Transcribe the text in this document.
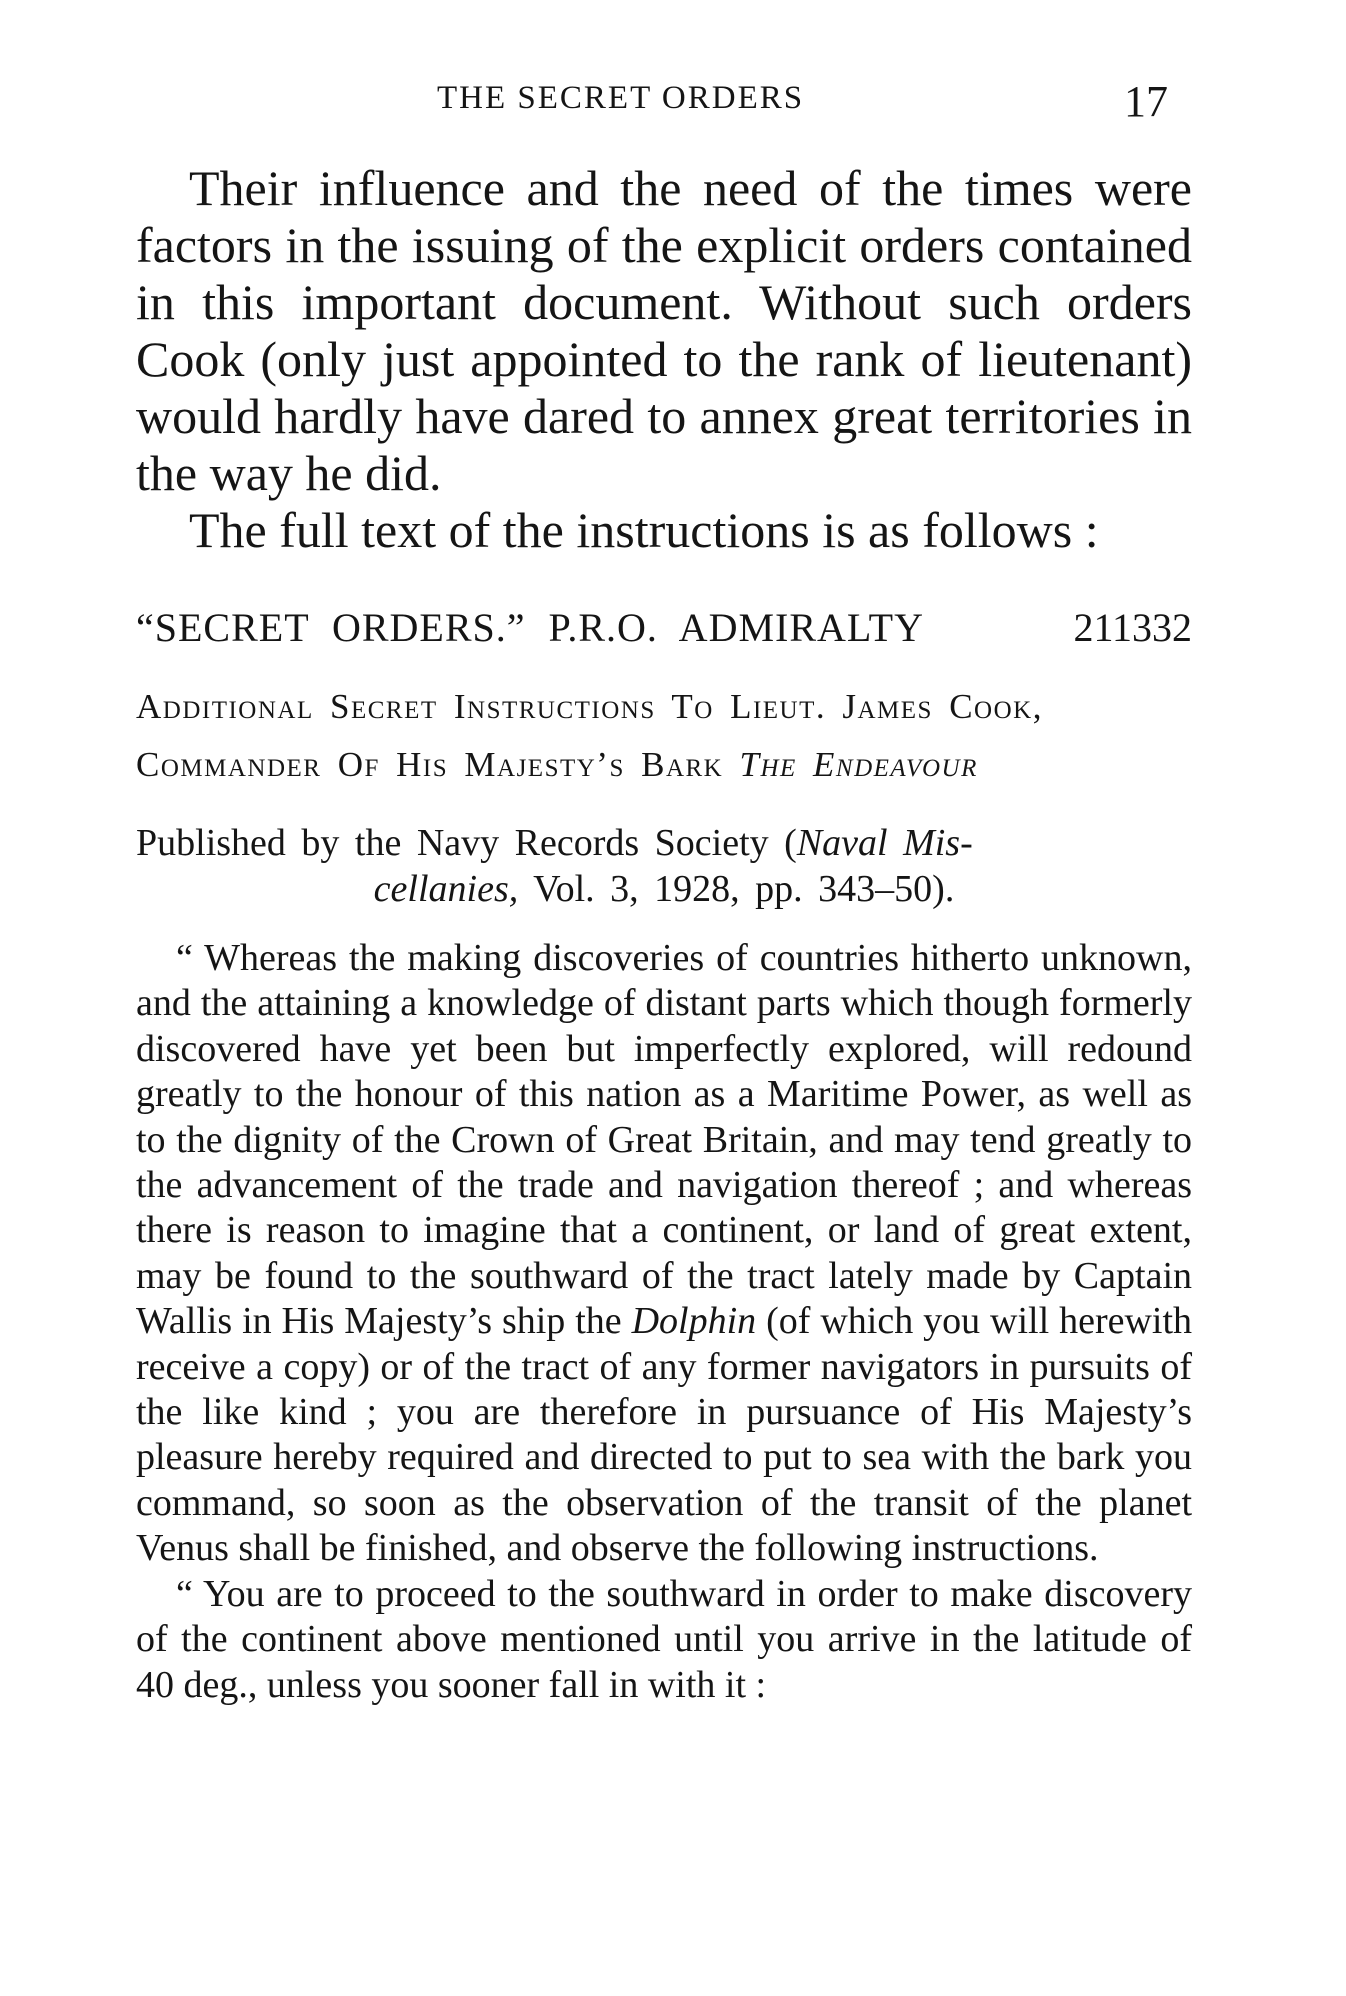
THE SECRET ORDERS	17

Their influence and the need of the times were factors in the issuing of the explicit orders contained in this important document. Without such orders Cook (only just appointed to the rank of lieutenant) would hardly have dared to annex great territories in the way he did.

The full text of the instructions is as follows :

“SECRET ORDERS.” P.R.O. ADMIRALTY	211332
Additional Secret Instructions To Lieut. James Cook,
Commander Of His Majesty’s Bark The Endeavour
Published by the Navy Records Society (Naval Mis-
cellanies, Vol. 3, 1928, pp. 343–50).

“ Whereas the making discoveries of countries hitherto unknown, and the attaining a knowledge of distant parts which though formerly discovered have yet been but imperfectly explored, will redound greatly to the honour of this nation as a Maritime Power, as well as to the dignity of the Crown of Great Britain, and may tend greatly to the advancement of the trade and navigation thereof ; and whereas there is reason to imagine that a continent, or land of great extent, may be found to the southward of the tract lately made by Captain Wallis in His Majesty’s ship the Dolphin (of which you will herewith receive a copy) or of the tract of any former navigators in pursuits of the like kind ; you are therefore in pursuance of His Majesty’s pleasure hereby required and directed to put to sea with the bark you command, so soon as the observation of the transit of the planet Venus shall be finished, and observe the following instructions.

“ You are to proceed to the southward in order to make discovery of the continent above mentioned until you arrive in the latitude of 40 deg., unless you sooner fall in with it :
